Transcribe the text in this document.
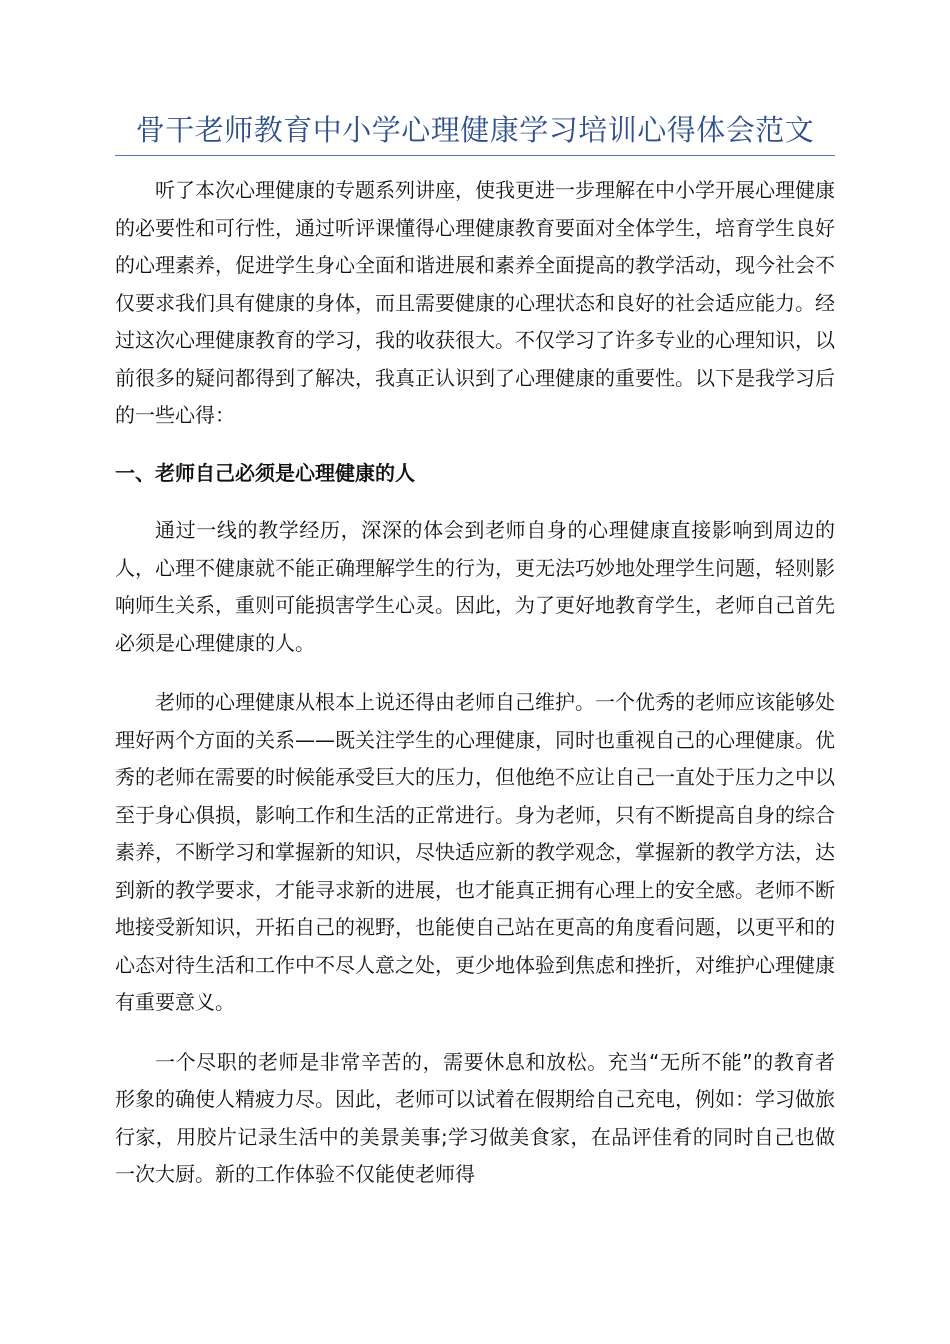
骨干老师教育中小学心理健康学习培训心得体会范文

听了本次心理健康的专题系列讲座，使我更进一步理解在中小学开展心理健康的必要性和可行性，通过听评课懂得心理健康教育要面对全体学生，培育学生良好的心理素养，促进学生身心全面和谐进展和素养全面提高的教学活动，现今社会不仅要求我们具有健康的身体，而且需要健康的心理状态和良好的社会适应能力。经过这次心理健康教育的学习，我的收获很大。不仅学习了许多专业的心理知识，以前很多的疑问都得到了解决，我真正认识到了心理健康的重要性。以下是我学习后的一些心得：

一、老师自己必须是心理健康的人

通过一线的教学经历，深深的体会到老师自身的心理健康直接影响到周边的人，心理不健康就不能正确理解学生的行为，更无法巧妙地处理学生问题，轻则影响师生关系，重则可能损害学生心灵。因此，为了更好地教育学生，老师自己首先必须是心理健康的人。

老师的心理健康从根本上说还得由老师自己维护。一个优秀的老师应该能够处理好两个方面的关系——既关注学生的心理健康，同时也重视自己的心理健康。优秀的老师在需要的时候能承受巨大的压力，但他绝不应让自己一直处于压力之中以至于身心俱损，影响工作和生活的正常进行。身为老师，只有不断提高自身的综合素养，不断学习和掌握新的知识，尽快适应新的教学观念，掌握新的教学方法，达到新的教学要求，才能寻求新的进展，也才能真正拥有心理上的安全感。老师不断地接受新知识，开拓自己的视野，也能使自己站在更高的角度看问题，以更平和的心态对待生活和工作中不尽人意之处，更少地体验到焦虑和挫折，对维护心理健康有重要意义。

一个尽职的老师是非常辛苦的，需要休息和放松。充当“无所不能”的教育者形象的确使人精疲力尽。因此，老师可以试着在假期给自己充电，例如：学习做旅行家，用胶片记录生活中的美景美事;学习做美食家，在品评佳肴的同时自己也做一次大厨。新的工作体验不仅能使老师得
